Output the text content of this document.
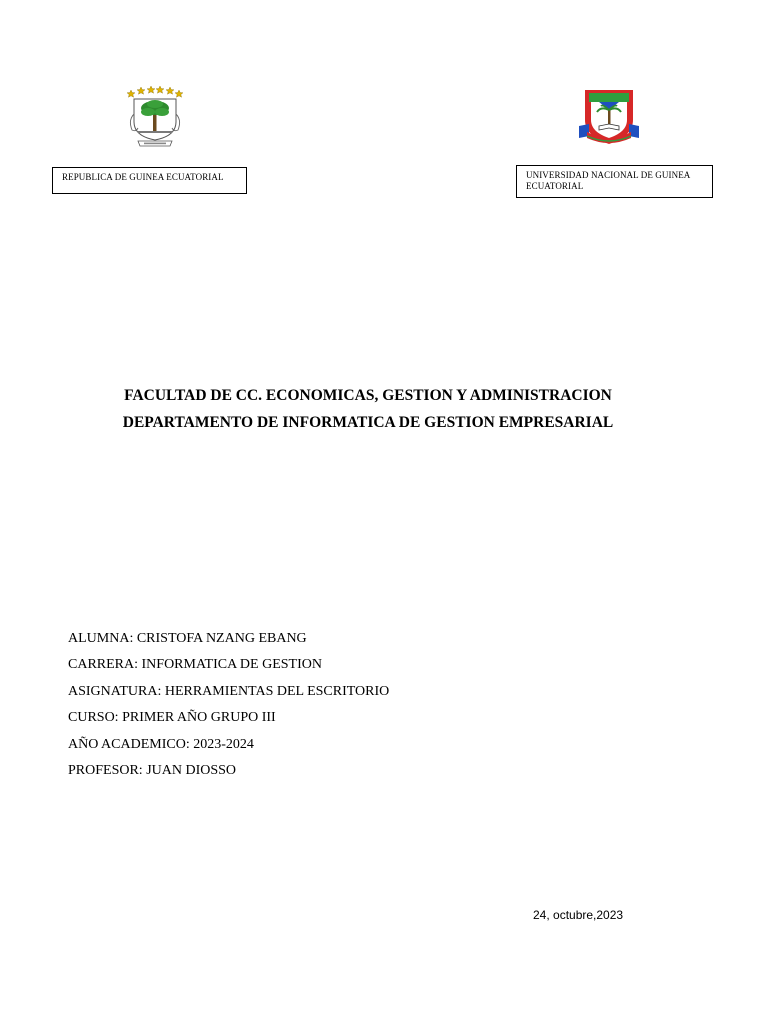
REPUBLICA DE GUINEA ECUATORIAL	UNIVERSIDAD NACIONAL DE GUINEA ECUATORIAL
FACULTAD DE CC. ECONOMICAS, GESTION Y ADMINISTRACION
DEPARTAMENTO DE INFORMATICA DE GESTION EMPRESARIAL
ALUMNA: CRISTOFA NZANG EBANG
CARRERA: INFORMATICA DE GESTION
ASIGNATURA: HERRAMIENTAS DEL ESCRITORIO
CURSO: PRIMER AÑO GRUPO III
AÑO ACADEMICO: 2023-2024
PROFESOR: JUAN DIOSSO
24, octubre,2023
